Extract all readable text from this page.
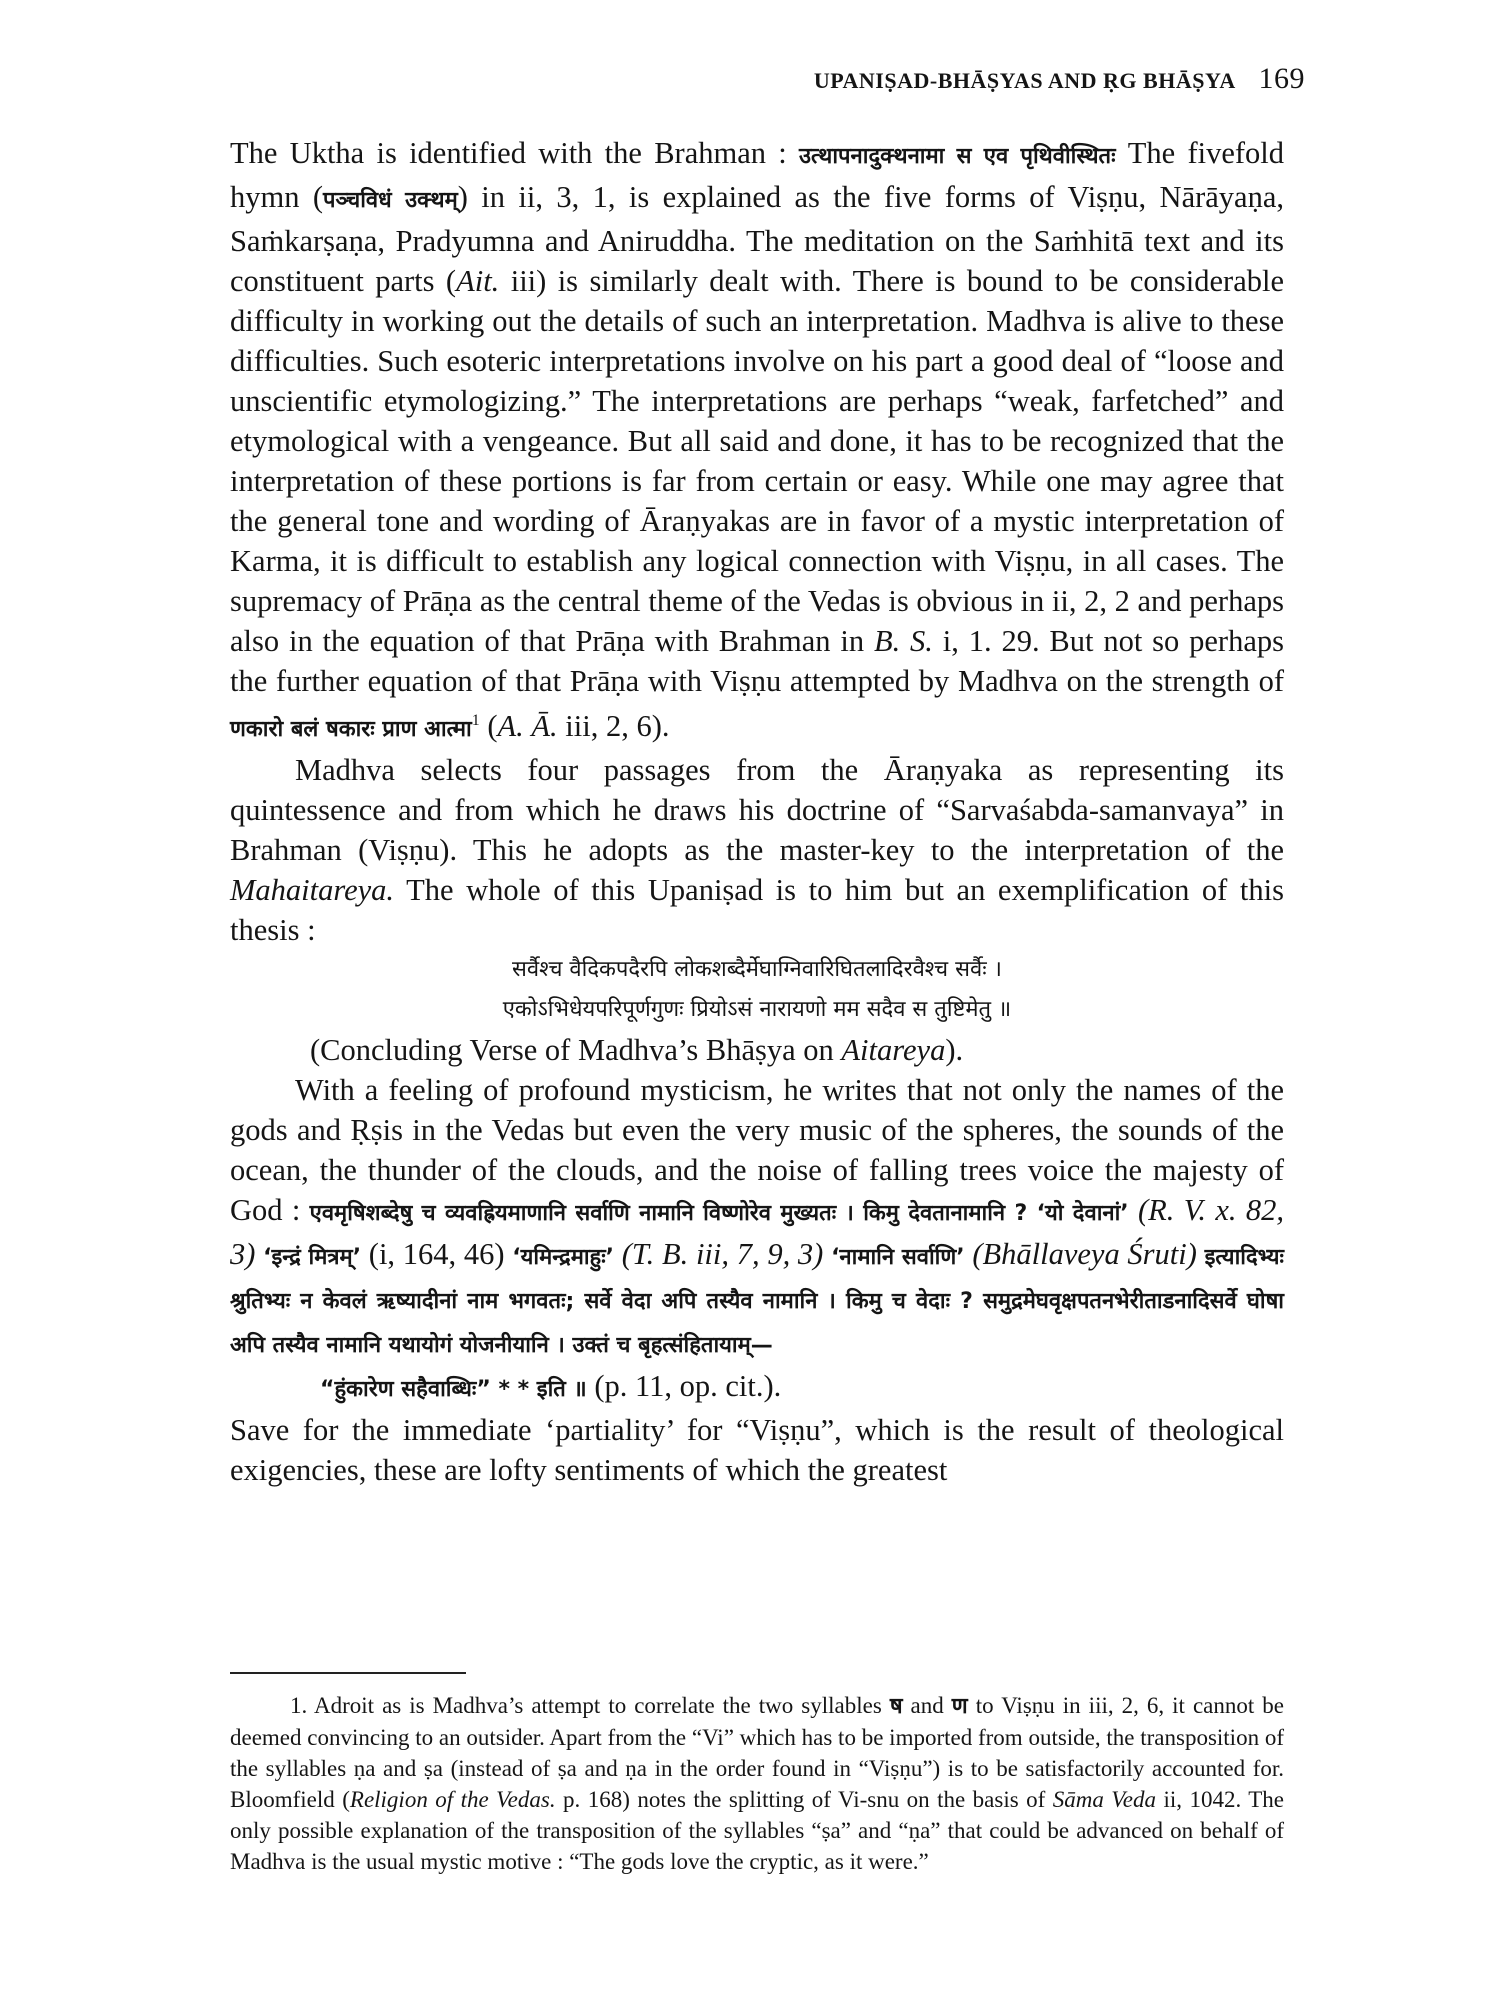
UPANIṢAD-BHĀṢYAS AND ṚG BHĀṢYA 169

The Uktha is identified with the Brahman : उत्थापनादुक्थनामा स एव पृथिवीस्थितः The fivefold hymn (पञ्चविधं उक्थम्) in ii, 3, 1, is explained as the five forms of Viṣṇu, Nārāyaṇa, Saṁkarṣaṇa, Pradyumna and Aniruddha. The meditation on the Saṁhitā text and its constituent parts (Ait. iii) is similarly dealt with. There is bound to be considerable difficulty in working out the details of such an interpretation. Madhva is alive to these difficulties. Such esoteric interpretations involve on his part a good deal of “loose and unscientific etymologizing.” The interpretations are perhaps “weak, farfetched” and etymological with a vengeance. But all said and done, it has to be recognized that the interpretation of these portions is far from certain or easy. While one may agree that the general tone and wording of Āraṇyakas are in favor of a mystic interpretation of Karma, it is difficult to establish any logical connection with Viṣṇu, in all cases. The supremacy of Prāṇa as the central theme of the Vedas is obvious in ii, 2, 2 and perhaps also in the equation of that Prāṇa with Brahman in B. S. i, 1. 29. But not so perhaps the further equation of that Prāṇa with Viṣṇu attempted by Madhva on the strength of णकारो बलं षकारः प्राण आत्मा$^1$ (A. Ā. iii, 2, 6).

Madhva selects four passages from the Āraṇyaka as representing its quintessence and from which he draws his doctrine of “Sarvaśabda-samanvaya” in Brahman (Viṣṇu). This he adopts as the master-key to the interpretation of the Mahaitareya. The whole of this Upaniṣad is to him but an exemplification of this thesis :

सर्वैश्च वैदिकपदैरपि लोकशब्दैर्मेघाग्निवारिघितलादिरवैश्च सर्वैः ।
एकोऽभिधेयपरिपूर्णगुणः प्रियोऽसं नारायणो मम सदैव स तुष्टिमेतु ॥

(Concluding Verse of Madhva’s Bhāṣya on Aitareya).

With a feeling of profound mysticism, he writes that not only the names of the gods and Ṛṣis in the Vedas but even the very music of the spheres, the sounds of the ocean, the thunder of the clouds, and the noise of falling trees voice the majesty of God : एवमृषिशब्देषु च व्यवह्रियमाणानि सर्वाणि नामानि विष्णोरेव मुख्यतः । किमु देवतानामानि ? ‘यो देवानां’ (R. V. x. 82, 3) ‘इन्द्रं मित्रम्’ (i, 164, 46) ‘यमिन्द्रमाहुः’ (T. B. iii, 7, 9, 3) ‘नामानि सर्वाणि’ (Bhāllaveya Śruti) इत्यादिभ्यः श्रुतिभ्यः न केवलं ऋष्यादीनां नाम भगवतः; सर्वे वेदा अपि तस्यैव नामानि । किमु च वेदाः ? समुद्रमेघवृक्षपतनभेरीताडनादिसर्वे घोषा अपि तस्यैव नामानि यथायोगं योजनीयानि । उक्तं च बृहत्संहितायाम्—
“हुंकारेण सहैवाब्धिः” * * इति ॥ (p. 11, op. cit.).

Save for the immediate ‘partiality’ for “Viṣṇu”, which is the result of theological exigencies, these are lofty sentiments of which the greatest

1. Adroit as is Madhva’s attempt to correlate the two syllables ष and ण to Viṣṇu in iii, 2, 6, it cannot be deemed convincing to an outsider. Apart from the “Vi” which has to be imported from outside, the transposition of the syllables ṇa and ṣa (instead of ṣa and ṇa in the order found in “Viṣṇu”) is to be satisfactorily accounted for. Bloomfield (Religion of the Vedas. p. 168) notes the splitting of Vi-snu on the basis of Sāma Veda ii, 1042. The only possible explanation of the transposition of the syllables “ṣa” and “ṇa” that could be advanced on behalf of Madhva is the usual mystic motive : “The gods love the cryptic, as it were.”
